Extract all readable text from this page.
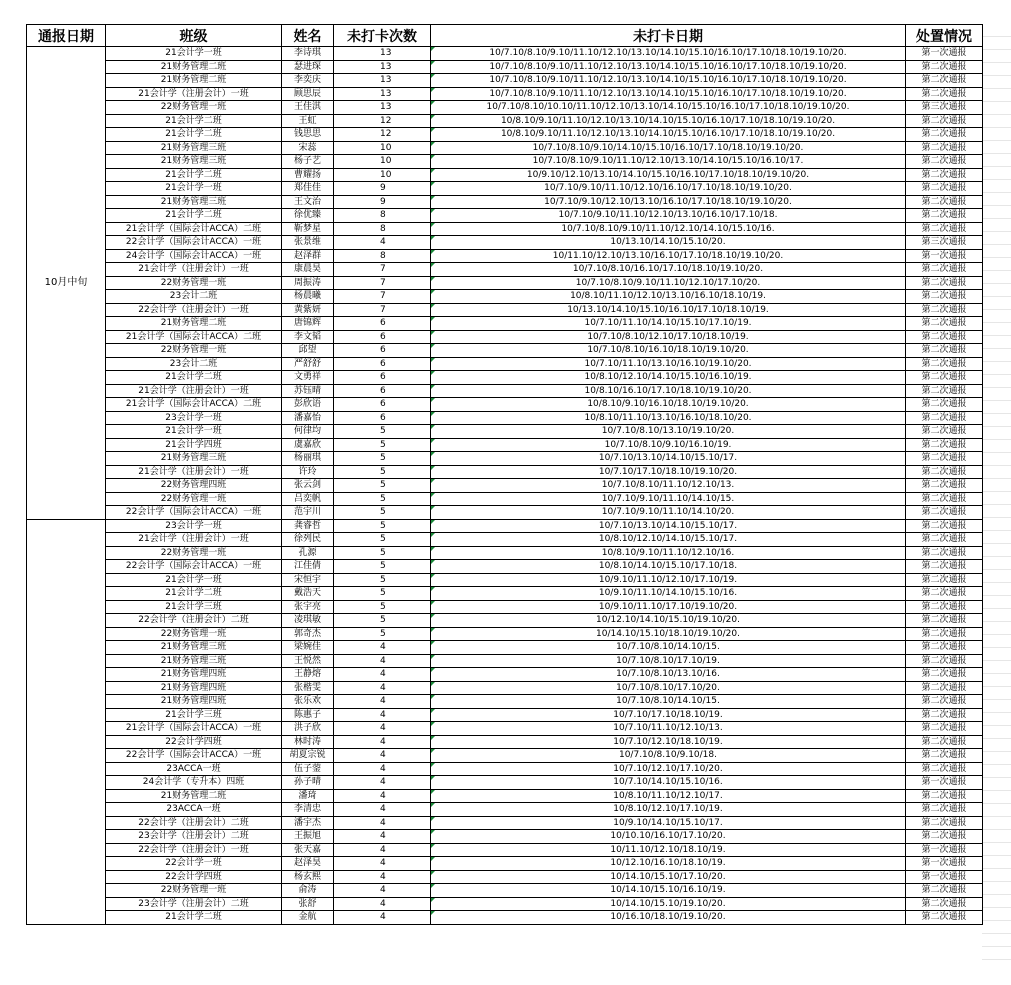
通报日期	班级	姓名	未打卡次数	未打卡日期	处置情况
10月中旬	21会计学一班	李诗琪	13	10/7.10/8.10/9.10/11.10/12.10/13.10/14.10/15.10/16.10/17.10/18.10/19.10/20.	第一次通报
	21财务管理二班	瑟进琛	13	10/7.10/8.10/9.10/11.10/12.10/13.10/14.10/15.10/16.10/17.10/18.10/19.10/20.	第二次通报
	21财务管理二班	李奕庆	13	10/7.10/8.10/9.10/11.10/12.10/13.10/14.10/15.10/16.10/17.10/18.10/19.10/20.	第二次通报
	21会计学（注册会计）一班	顾思辰	13	10/7.10/8.10/9.10/11.10/12.10/13.10/14.10/15.10/16.10/17.10/18.10/19.10/20.	第二次通报
	22财务管理一班	王佳淇	13	10/7.10/8.10/10.10/11.10/12.10/13.10/14.10/15.10/16.10/17.10/18.10/19.10/20.	第三次通报
	21会计学二班	王虹	12	10/8.10/9.10/11.10/12.10/13.10/14.10/15.10/16.10/17.10/18.10/19.10/20.	第二次通报
	21会计学二班	钱思思	12	10/8.10/9.10/11.10/12.10/13.10/14.10/15.10/16.10/17.10/18.10/19.10/20.	第二次通报
	21财务管理三班	宋蕊	10	10/7.10/8.10/9.10/14.10/15.10/16.10/17.10/18.10/19.10/20.	第二次通报
	21财务管理三班	杨子艺	10	10/7.10/8.10/9.10/11.10/12.10/13.10/14.10/15.10/16.10/17.	第二次通报
	21会计学二班	曹耀扬	10	10/9.10/12.10/13.10/14.10/15.10/16.10/17.10/18.10/19.10/20.	第二次通报
	21会计学一班	郑佳佳	9	10/7.10/9.10/11.10/12.10/16.10/17.10/18.10/19.10/20.	第二次通报
	21财务管理三班	王文治	9	10/7.10/9.10/12.10/13.10/16.10/17.10/18.10/19.10/20.	第二次通报
	21会计学二班	徐优臻	8	10/7.10/9.10/11.10/12.10/13.10/16.10/17.10/18.	第二次通报
	21会计学（国际会计ACCA）二班	靳梦星	8	10/7.10/8.10/9.10/11.10/12.10/14.10/15.10/16.	第二次通报
	22会计学（国际会计ACCA）一班	张景维	4	10/13.10/14.10/15.10/20.	第三次通报
	24会计学（国际会计ACCA）一班	赵泽群	8	10/11.10/12.10/13.10/16.10/17.10/18.10/19.10/20.	第一次通报
	21会计学（注册会计）一班	康晨昊	7	10/7.10/8.10/16.10/17.10/18.10/19.10/20.	第二次通报
	22财务管理一班	周振涛	7	10/7.10/8.10/9.10/11.10/12.10/17.10/20.	第二次通报
	23会计二班	杨晨曦	7	10/8.10/11.10/12.10/13.10/16.10/18.10/19.	第二次通报
	22会计学（注册会计）一班	黄紫妍	7	10/13.10/14.10/15.10/16.10/17.10/18.10/19.	第二次通报
	21财务管理二班	唐锦辉	6	10/7.10/11.10/14.10/15.10/17.10/19.	第二次通报
	21会计学（国际会计ACCA）二班	李文韬	6	10/7.10/8.10/12.10/17.10/18.10/19.	第二次通报
	22财务管理一班	邱望	6	10/7.10/8.10/16.10/18.10/19.10/20.	第二次通报
	23会计二班	严舒舒	6	10/7.10/11.10/13.10/16.10/19.10/20.	第二次通报
	21会计学二班	文勇祥	6	10/8.10/12.10/14.10/15.10/16.10/19.	第二次通报
	21会计学（注册会计）一班	苏钰晴	6	10/8.10/16.10/17.10/18.10/19.10/20.	第二次通报
	21会计学（国际会计ACCA）二班	彭欣语	6	10/8.10/9.10/16.10/18.10/19.10/20.	第二次通报
	23会计学一班	潘嘉怡	6	10/8.10/11.10/13.10/16.10/18.10/20.	第二次通报
	21会计学一班	何律均	5	10/7.10/8.10/13.10/19.10/20.	第二次通报
	21会计学四班	虞嘉欣	5	10/7.10/8.10/9.10/16.10/19.	第二次通报
	21财务管理三班	杨丽琪	5	10/7.10/13.10/14.10/15.10/17.	第二次通报
	21会计学（注册会计）一班	许玲	5	10/7.10/17.10/18.10/19.10/20.	第二次通报
	22财务管理四班	张云剑	5	10/7.10/8.10/11.10/12.10/13.	第二次通报
	22财务管理一班	吕奕帆	5	10/7.10/9.10/11.10/14.10/15.	第二次通报
	22会计学（国际会计ACCA）一班	范宇川	5	10/7.10/9.10/11.10/14.10/20.	第二次通报
	23会计学一班	龚睿哲	5	10/7.10/13.10/14.10/15.10/17.	第二次通报
	21会计学（注册会计）一班	徐列民	5	10/8.10/12.10/14.10/15.10/17.	第二次通报
	22财务管理一班	孔源	5	10/8.10/9.10/11.10/12.10/16.	第二次通报
	22会计学（国际会计ACCA）一班	江佳倩	5	10/8.10/14.10/15.10/17.10/18.	第二次通报
	21会计学一班	宋恒宇	5	10/9.10/11.10/12.10/17.10/19.	第二次通报
	21会计学二班	戴浩天	5	10/9.10/11.10/14.10/15.10/16.	第二次通报
	21会计学三班	张宇亮	5	10/9.10/11.10/17.10/19.10/20.	第二次通报
	22会计学（注册会计）二班	凌琪敏	5	10/12.10/14.10/15.10/19.10/20.	第二次通报
	22财务管理一班	郭奇杰	5	10/14.10/15.10/18.10/19.10/20.	第二次通报
	21财务管理三班	梁婉佳	4	10/7.10/8.10/14.10/15.	第二次通报
	21财务管理三班	王悦然	4	10/7.10/8.10/17.10/19.	第二次通报
	21财务管理四班	王静熔	4	10/7.10/8.10/13.10/16.	第二次通报
	21财务管理四班	张楷雯	4	10/7.10/8.10/17.10/20.	第二次通报
	21财务管理四班	张乐欢	4	10/7.10/8.10/14.10/15.	第二次通报
	21会计学三班	陈惠子	4	10/7.10/17.10/18.10/19.	第二次通报
	21会计学（国际会计ACCA）一班	洪子欣	4	10/7.10/11.10/12.10/13.	第二次通报
	22会计学四班	林时涛	4	10/7.10/12.10/18.10/19.	第二次通报
	22会计学（国际会计ACCA）一班	胡夏宗锐	4	10/7.10/8.10/9.10/18.	第二次通报
	23ACCA一班	伍子蓥	4	10/7.10/12.10/17.10/20.	第二次通报
	24会计学（专升本）四班	孙子晴	4	10/7.10/14.10/15.10/16.	第一次通报
	21财务管理二班	潘琦	4	10/8.10/11.10/12.10/17.	第二次通报
	23ACCA一班	李清忠	4	10/8.10/12.10/17.10/19.	第二次通报
	22会计学（注册会计）二班	潘宇杰	4	10/9.10/14.10/15.10/17.	第二次通报
	23会计学（注册会计）二班	王振旭	4	10/10.10/16.10/17.10/20.	第二次通报
	22会计学（注册会计）一班	张天嘉	4	10/11.10/12.10/18.10/19.	第一次通报
	22会计学一班	赵泽昊	4	10/12.10/16.10/18.10/19.	第一次通报
	22会计学四班	杨玄熙	4	10/14.10/15.10/17.10/20.	第一次通报
	22财务管理一班	俞涛	4	10/14.10/15.10/16.10/19.	第二次通报
	23会计学（注册会计）二班	张舒	4	10/14.10/15.10/19.10/20.	第二次通报
	21会计学二班	金航	4	10/16.10/18.10/19.10/20.	第二次通报
